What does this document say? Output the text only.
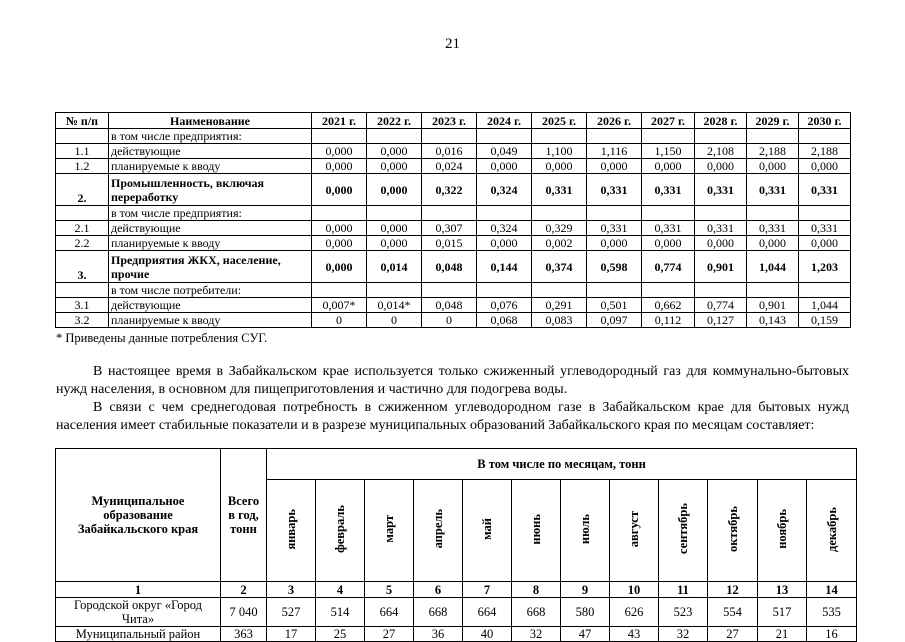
21
№ п/п	Наименование	2021 г.	2022 г.	2023 г.	2024 г.	2025 г.	2026 г.	2027 г.	2028 г.	2029 г.	2030 г.
	в том числе предприятия:										
1.1	действующие	0,000	0,000	0,016	0,049	1,100	1,116	1,150	2,108	2,188	2,188
1.2	планируемые к вводу	0,000	0,000	0,024	0,000	0,000	0,000	0,000	0,000	0,000	0,000
2.	Промышленность, включая переработку	0,000	0,000	0,322	0,324	0,331	0,331	0,331	0,331	0,331	0,331
	в том числе предприятия:										
2.1	действующие	0,000	0,000	0,307	0,324	0,329	0,331	0,331	0,331	0,331	0,331
2.2	планируемые к вводу	0,000	0,000	0,015	0,000	0,002	0,000	0,000	0,000	0,000	0,000
3.	Предприятия ЖКХ, население, прочие	0,000	0,014	0,048	0,144	0,374	0,598	0,774	0,901	1,044	1,203
	в том числе потребители:										
3.1	действующие	0,007*	0,014*	0,048	0,076	0,291	0,501	0,662	0,774	0,901	1,044
3.2	планируемые к вводу	0	0	0	0,068	0,083	0,097	0,112	0,127	0,143	0,159
* Приведены данные потребления СУГ.
В настоящее время в Забайкальском крае используется только сжиженный углеводородный газ для коммунально-бытовых нужд населения, в основном для пищеприготовления и частично для подогрева воды.
В связи с чем среднегодовая потребность в сжиженном углеводородном газе в Забайкальском крае для бытовых нужд населения имеет стабильные показатели и в разрезе муниципальных образований Забайкальского края по месяцам составляет:
Муниципальное образование Забайкальского края	Всего в год, тонн	В том числе по месяцам, тонн											
		январь	февраль	март	апрель	май	июнь	июль	август	сентябрь	октябрь	ноябрь	декабрь
1	2	3	4	5	6	7	8	9	10	11	12	13	14
Городской округ «Город Чита»	7 040	527	514	664	668	664	668	580	626	523	554	517	535
Муниципальный район	363	17	25	27	36	40	32	47	43	32	27	21	16
